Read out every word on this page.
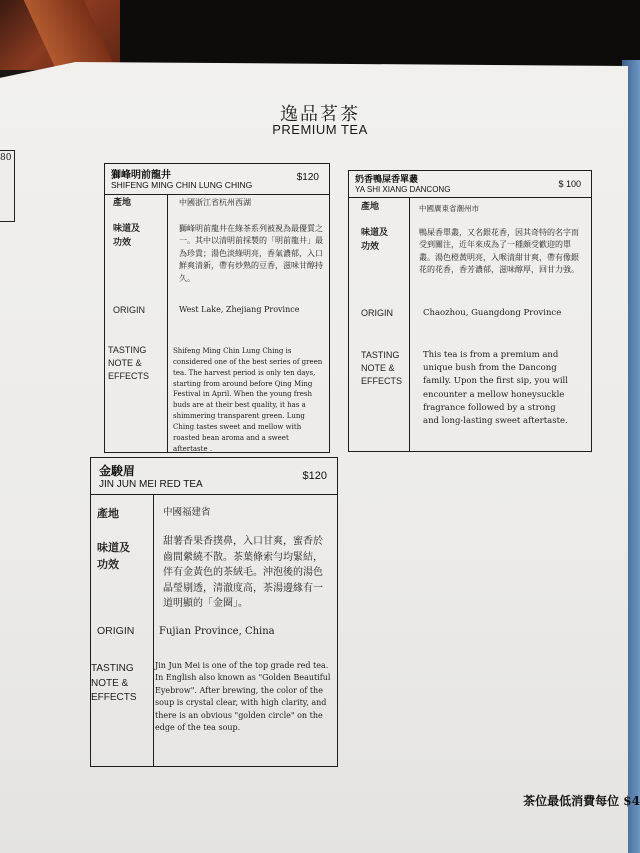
80
逸品茗茶
PREMIUM TEA
獅峰明前龍井
SHIFENG MING CHIN LUNG CHING
$120
產地	中國浙江省杭州西湖
味道及
功效
獅峰明前龍井在綠茶系列被視為最優質之一。其中以清明前採製的「明前龍井」最為珍貴；湯色淡綠明亮，香氣濃郁，入口鮮爽清新，帶有炒熟的豆香，滋味甘醇持久。
ORIGIN	West Lake, Zhejiang Province
TASTING
NOTE &
EFFECTS
Shifeng Ming Chin Lung Ching is considered one of the best series of green tea. The harvest period is only ten days, starting from around before Qing Ming Festival in April. When the young fresh buds are at their best quality, it has a shimmering transparent green. Lung Ching tastes sweet and mellow with roasted bean aroma and a sweet aftertaste .
奶香鴨屎香單叢
YA SHI XIANG DANCONG
$ 100
產地	中國廣東省潮州市
味道及
功效
鴨屎香單叢，又名銀花香，因其奇特的名字而受到關注，近年來成為了一種頗受歡迎的單叢。湯色橙黃明亮，入喉清甜甘爽，帶有像銀花的花香，香芳濃郁，滋味醇厚，回甘力強。
ORIGIN	Chaozhou, Guangdong Province
TASTING
NOTE &
EFFECTS
This tea is from a premium and unique bush from the Dancong family. Upon the first sip, you will encounter a mellow honeysuckle fragrance followed by a strong and long-lasting sweet aftertaste.
金駿眉
JIN JUN MEI RED TEA
$120
產地	中國福建省
味道及
功效
甜薯香果香撲鼻，入口甘爽，蜜香於齒間縈繞不散。茶葉條索勻均緊結，伴有金黃色的茶絨毛。沖泡後的湯色晶瑩剔透，清澈度高，茶湯邊緣有一道明顯的「金圈」。
ORIGIN Fujian Province, China
TASTING
NOTE &
EFFECTS
Jin Jun Mei is one of the top grade red tea. In English also known as "Golden Beautiful Eyebrow". After brewing, the color of the soup is crystal clear, with high clarity, and there is an obvious "golden circle" on the edge of the tea soup.
茶位最低消費每位 $4
